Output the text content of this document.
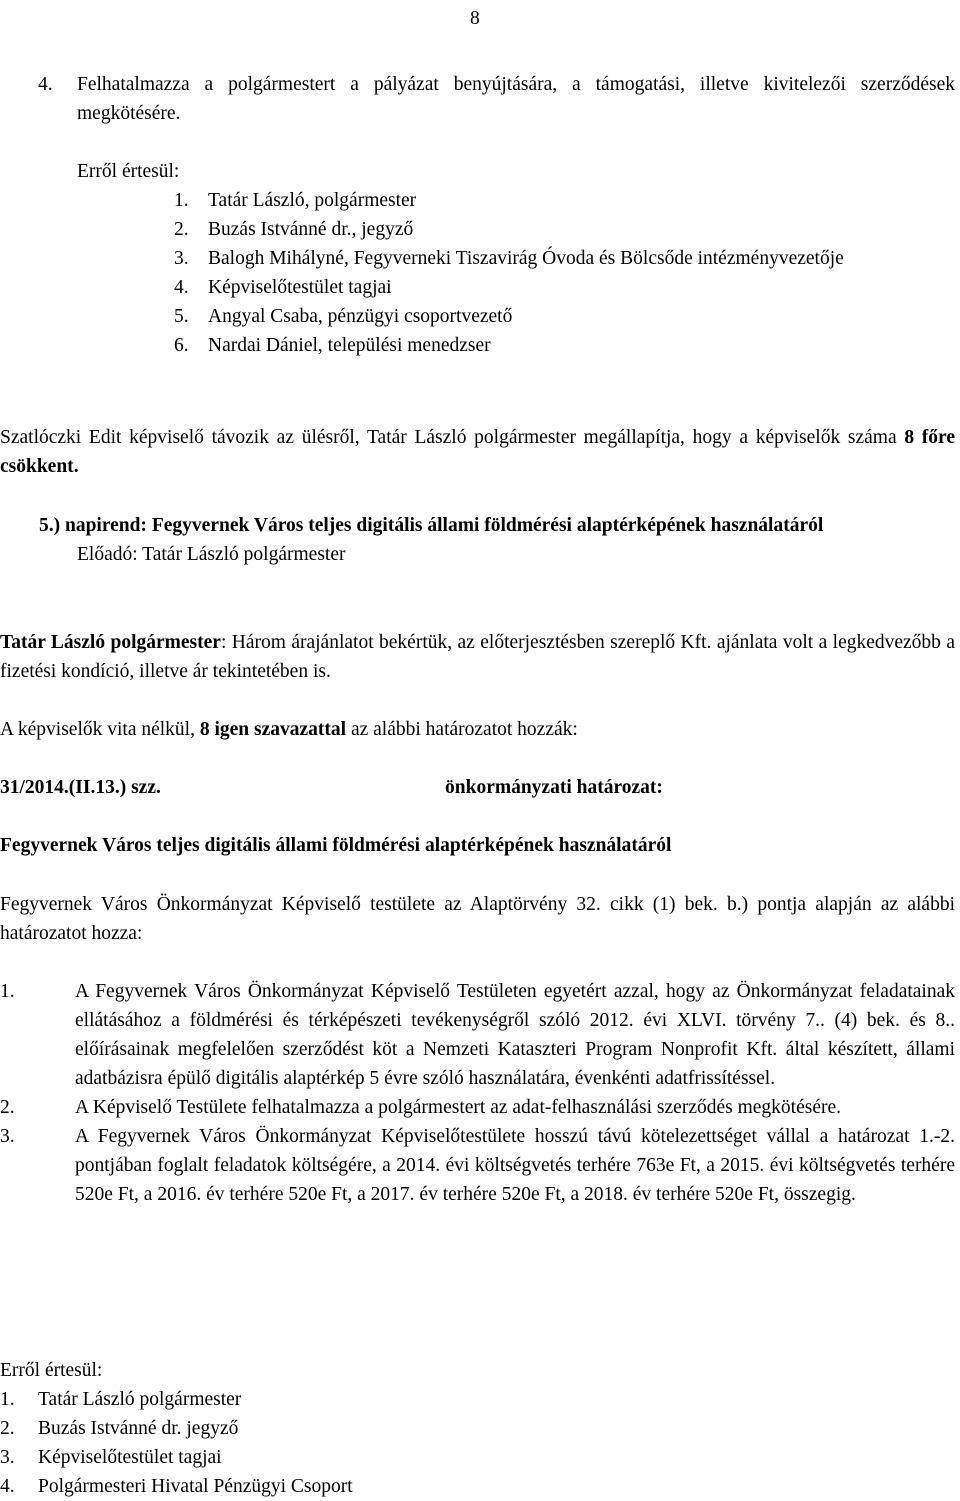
8
4. Felhatalmazza a polgármestert a pályázat benyújtására, a támogatási, illetve kivitelezői szerződések megkötésére.
Erről értesül:
1. Tatár László, polgármester
2. Buzás Istvánné dr., jegyző
3. Balogh Mihályné, Fegyverneki Tiszavirág Óvoda és Bölcsőde intézményvezetője
4. Képviselőtestület tagjai
5. Angyal Csaba, pénzügyi csoportvezető
6. Nardai Dániel, települési menedzser
Szatlóczki Edit képviselő távozik az ülésről, Tatár László polgármester megállapítja, hogy a képviselők száma 8 főre csökkent.
5.) napirend: Fegyvernek Város teljes digitális állami földmérési alaptérképének használatáról
Előadó: Tatár László polgármester
Tatár László polgármester: Három árajánlatot bekértük, az előterjesztésben szereplő Kft. ajánlata volt a legkedvezőbb a fizetési kondíció, illetve ár tekintetében is.
A képviselők vita nélkül, 8 igen szavazattal az alábbi határozatot hozzák:
31/2014.(II.13.) szz.	önkormányzati határozat:
Fegyvernek Város teljes digitális állami földmérési alaptérképének használatáról
Fegyvernek Város Önkormányzat Képviselő testülete az Alaptörvény 32. cikk (1) bek. b.) pontja alapján az alábbi határozatot hozza:
1.	A Fegyvernek Város Önkormányzat Képviselő Testületen egyetért azzal, hogy az Önkormányzat feladatainak ellátásához a földmérési és térképészeti tevékenységről szóló 2012. évi XLVI. törvény 7.. (4) bek. és 8.. előírásainak megfelelően szerződést köt a Nemzeti Kataszteri Program Nonprofit Kft. által készített, állami adatbázisra épülő digitális alaptérkép 5 évre szóló használatára, évenkénti adatfrissítéssel.
2.	A Képviselő Testülete felhatalmazza a polgármestert az adat-felhasználási szerződés megkötésére.
3.	A Fegyvernek Város Önkormányzat Képviselőtestülete hosszú távú kötelezettséget vállal a határozat 1.-2. pontjában foglalt feladatok költségére, a 2014. évi költségvetés terhére 763e Ft, a 2015. évi költségvetés terhére 520e Ft, a 2016. év terhére 520e Ft, a 2017. év terhére 520e Ft, a 2018. év terhére 520e Ft, összegig.
Erről értesül:
1. Tatár László polgármester
2. Buzás Istvánné dr. jegyző
3. Képviselőtestület tagjai
4. Polgármesteri Hivatal Pénzügyi Csoport
